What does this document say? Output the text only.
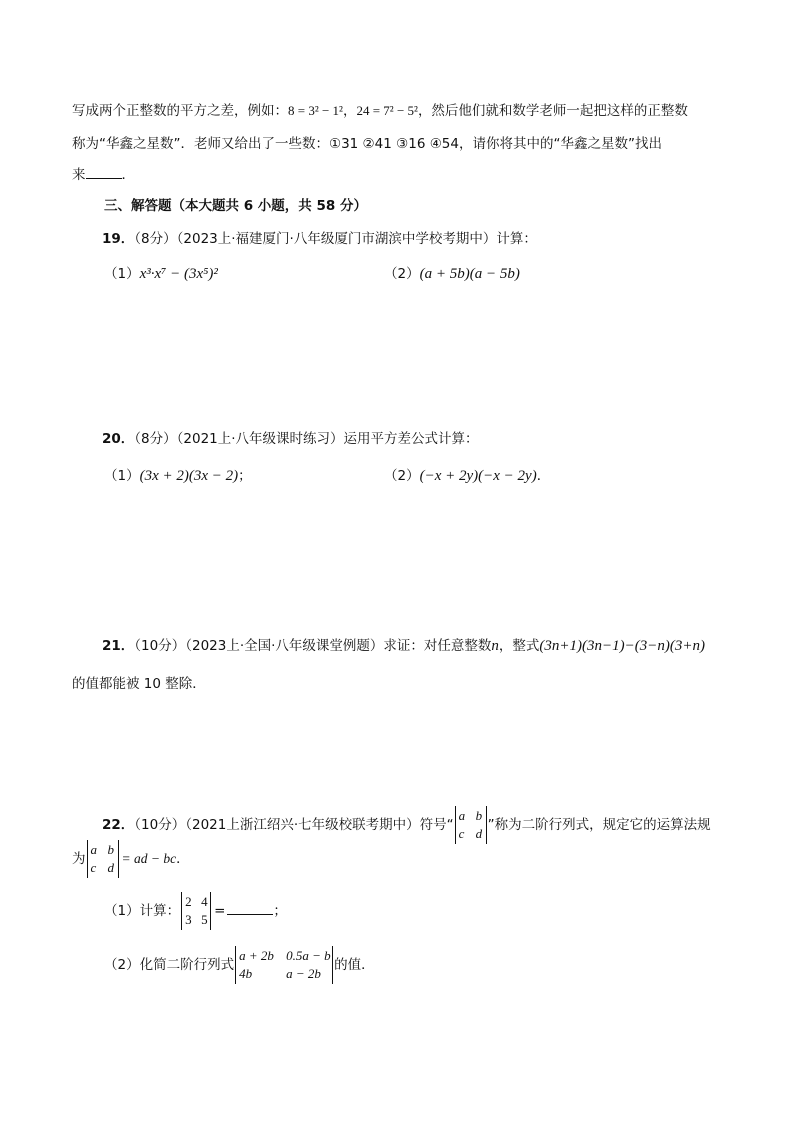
写成两个正整数的平方之差，例如：8 = 3² − 1²，24 = 7² − 5²，然后他们就和数学老师一起把这样的正整数
称为“华鑫之星数”．老师又给出了一些数：①31 ②41 ③16 ④54，请你将其中的“华鑫之星数”找出
来	．
三、解答题（本大题共 6 小题，共 58 分）
19．（8分）（2023上·福建厦门·八年级厦门市湖滨中学校考期中）计算：
（1）x³·x⁷ − (3x⁵)²	（2）(a + 5b)(a − 5b)
20．（8分）（2021上·八年级课时练习）运用平方差公式计算：
（1）(3x + 2)(3x − 2)；	（2）(−x + 2y)(−x − 2y)．
21．（10分）（2023上·全国·八年级课堂例题）求证：对任意整数n，整式(3n+1)(3n−1)−(3−n)(3+n)
的值都能被 10 整除．
22．（10分）（2021上浙江绍兴·七年级校联考期中）符号“
a b
c d
”称为二阶行列式，规定它的运算法规
为
a b
c d
= ad − bc．
（1）计算：
2 4
3 5
=	；
（2）化简二阶行列式
a + 2b 0.5a − b
4b	a − 2b
的值．
